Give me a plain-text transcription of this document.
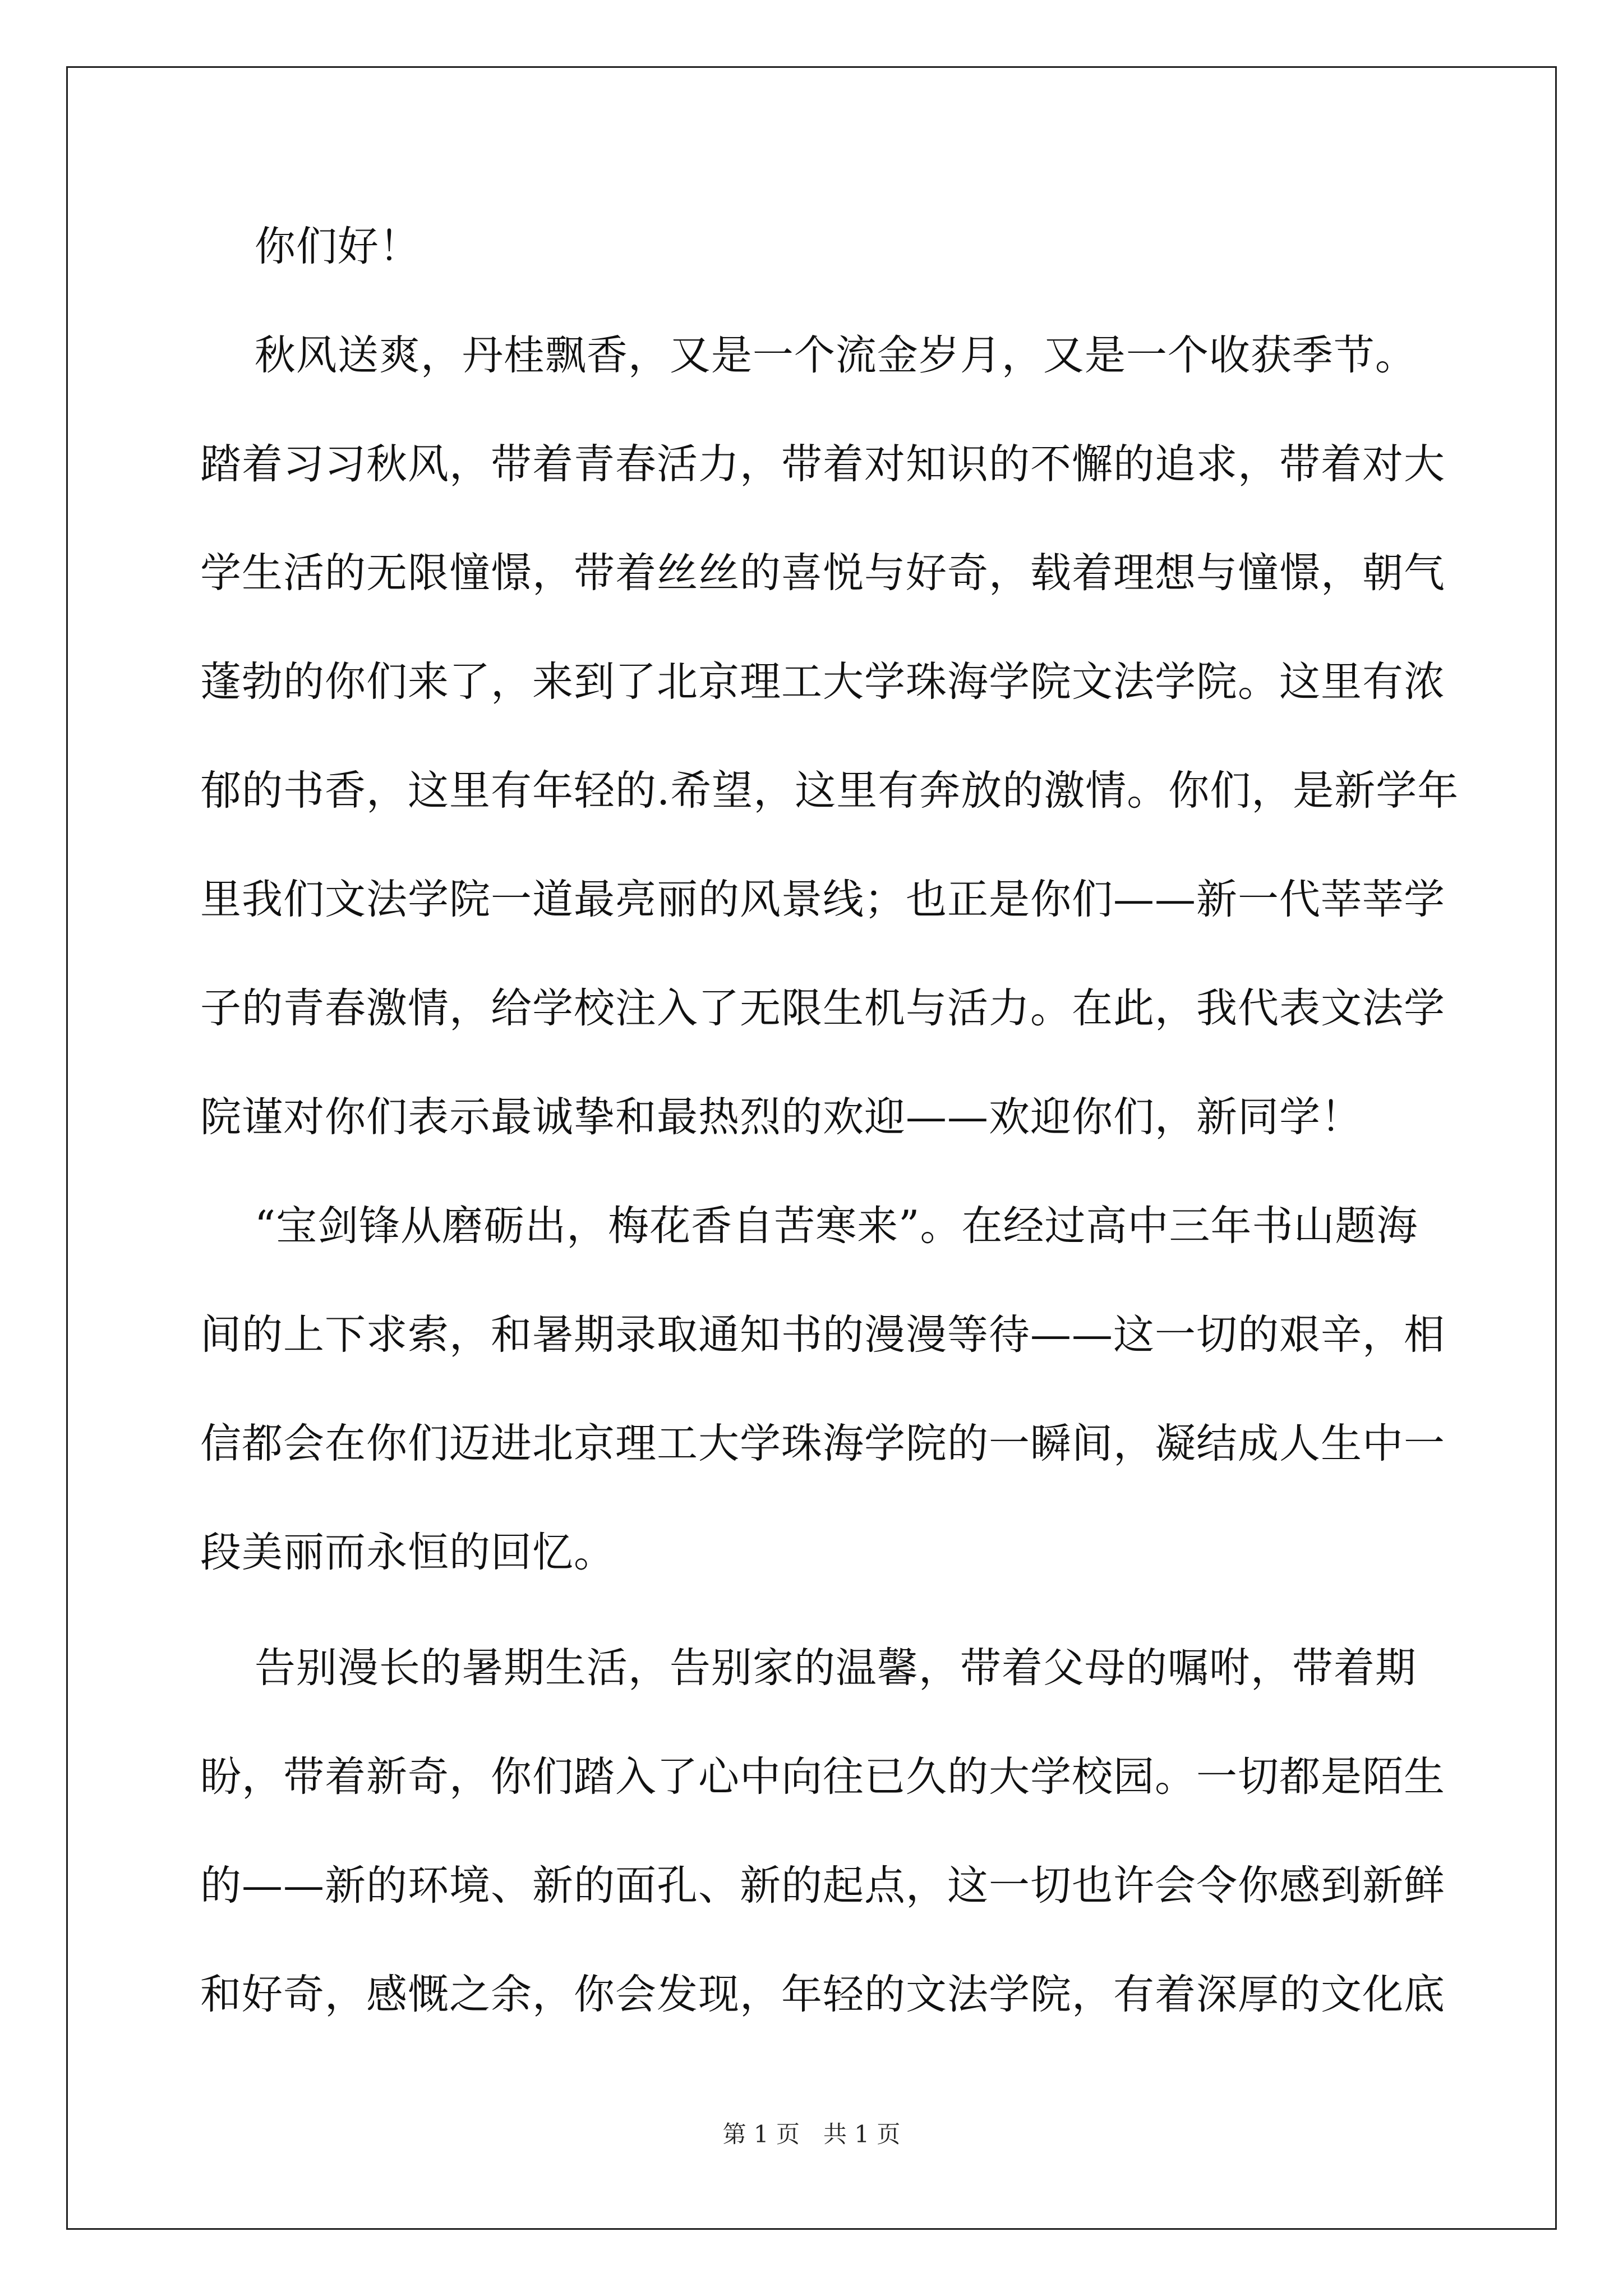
你们好！
秋风送爽，丹桂飘香，又是一个流金岁月，又是一个收获季节。
踏着习习秋风，带着青春活力，带着对知识的不懈的追求，带着对大
学生活的无限憧憬，带着丝丝的喜悦与好奇，载着理想与憧憬，朝气
蓬勃的你们来了，来到了北京理工大学珠海学院文法学院。这里有浓
郁的书香，这里有年轻的.希望，这里有奔放的激情。你们，是新学年
里我们文法学院一道最亮丽的风景线；也正是你们——新一代莘莘学
子的青春激情，给学校注入了无限生机与活力。在此，我代表文法学
院谨对你们表示最诚挚和最热烈的欢迎——欢迎你们，新同学！
“宝剑锋从磨砺出，梅花香自苦寒来”。在经过高中三年书山题海
间的上下求索，和暑期录取通知书的漫漫等待——这一切的艰辛，相
信都会在你们迈进北京理工大学珠海学院的一瞬间，凝结成人生中一
段美丽而永恒的回忆。
告别漫长的暑期生活，告别家的温馨，带着父母的嘱咐，带着期
盼，带着新奇，你们踏入了心中向往已久的大学校园。一切都是陌生
的——新的环境、新的面孔、新的起点，这一切也许会令你感到新鲜
和好奇，感慨之余，你会发现，年轻的文法学院，有着深厚的文化底
第 1 页　共 1 页
